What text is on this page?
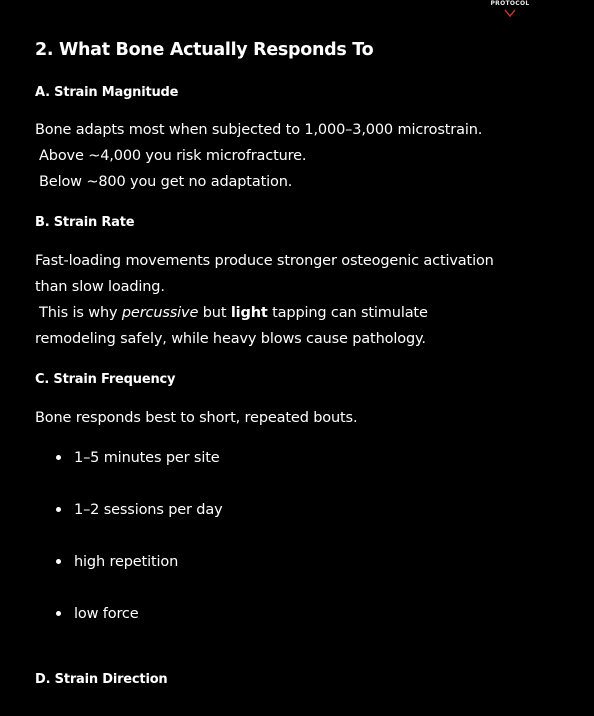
PROTOCOL
2. What Bone Actually Responds To
A. Strain Magnitude
Bone adapts most when subjected to 1,000–3,000 microstrain.
Above ~4,000 you risk microfracture.
Below ~800 you get no adaptation.
B. Strain Rate
Fast-loading movements produce stronger osteogenic activation
than slow loading.
This is why percussive but light tapping can stimulate
remodeling safely, while heavy blows cause pathology.
C. Strain Frequency
Bone responds best to short, repeated bouts.
1–5 minutes per site
1–2 sessions per day
high repetition
low force
D. Strain Direction
